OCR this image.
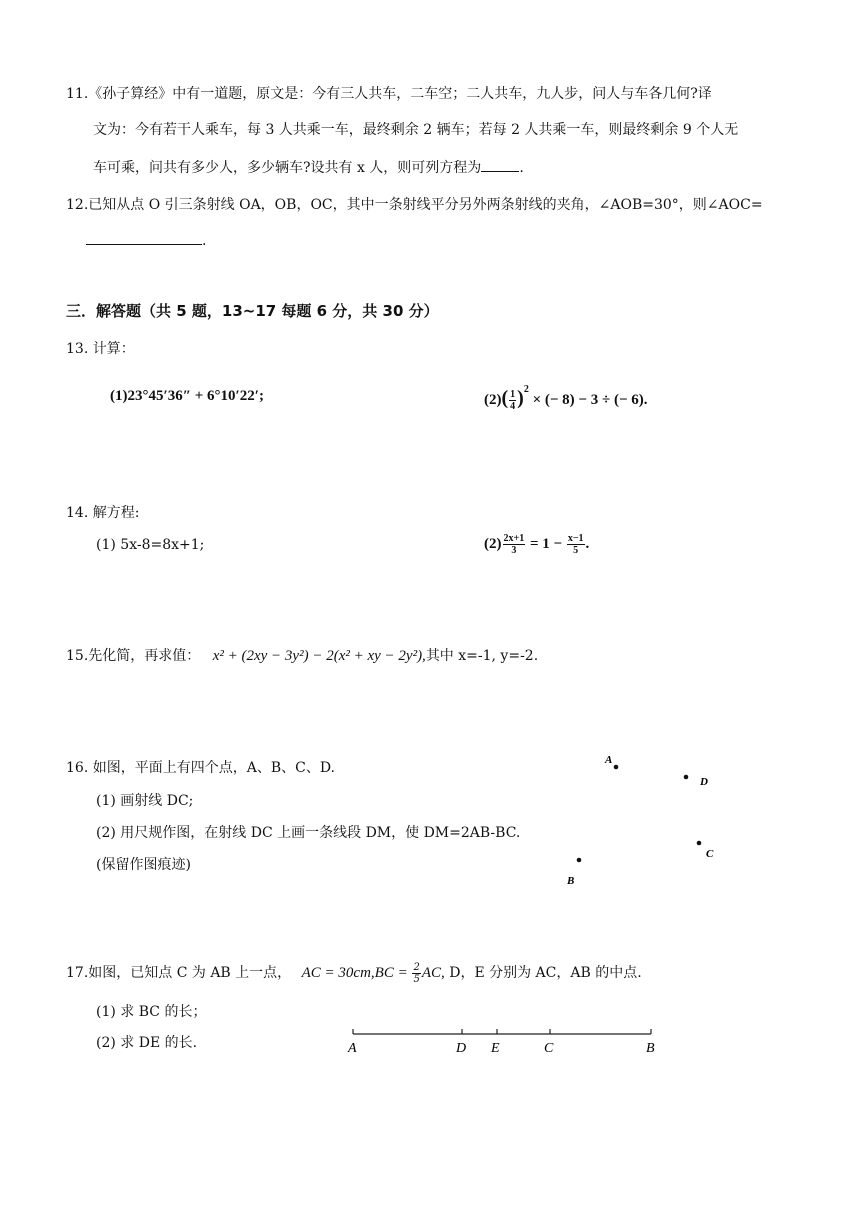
11.《孙子算经》中有一道题，原文是：今有三人共车，二车空；二人共车，九人步，问人与车各几何?译
文为：今有若干人乘车，每 3 人共乘一车，最终剩余 2 辆车；若每 2 人共乘一车，则最终剩余 9 个人无
车可乘，问共有多少人，多少辆车?设共有 x 人，则可列方程为	.
12.已知从点 O 引三条射线 OA，OB，OC，其中一条射线平分另外两条射线的夹角，∠AOB=30°，则∠AOC=
.
三．解答题（共 5 题，13~17 每题 6 分，共 30 分）
13. 计算：
(1)23°45′36″ + 6°10′22′;	$(2)( \frac{1}{4} )^2$ × (− 8) − 3 ÷ (− 6).
14. 解方程:
(1) 5x-8=8x+1;	$(2) \frac{2x+1}{3} = 1 - \frac{x-1}{5}$ .
15.先化简，再求值： x² + (2xy − 3y²) − 2(x² + xy − 2y²),其中 x=-1, y=-2.
16. 如图，平面上有四个点，A、B、C、D.
(1) 画射线 DC;
(2) 用尺规作图，在射线 DC 上画一条线段 DM，使 DM=2AB-BC.
(保留作图痕迹)
A
D
C
B
17.如图，已知点 C 为 AB 上一点， AC = $30cm,BC = \frac{2}{5}$ AC, D，E 分别为 AC，AB 的中点.
(1) 求 BC 的长；
(2) 求 DE 的长.	A	D E	C	B
